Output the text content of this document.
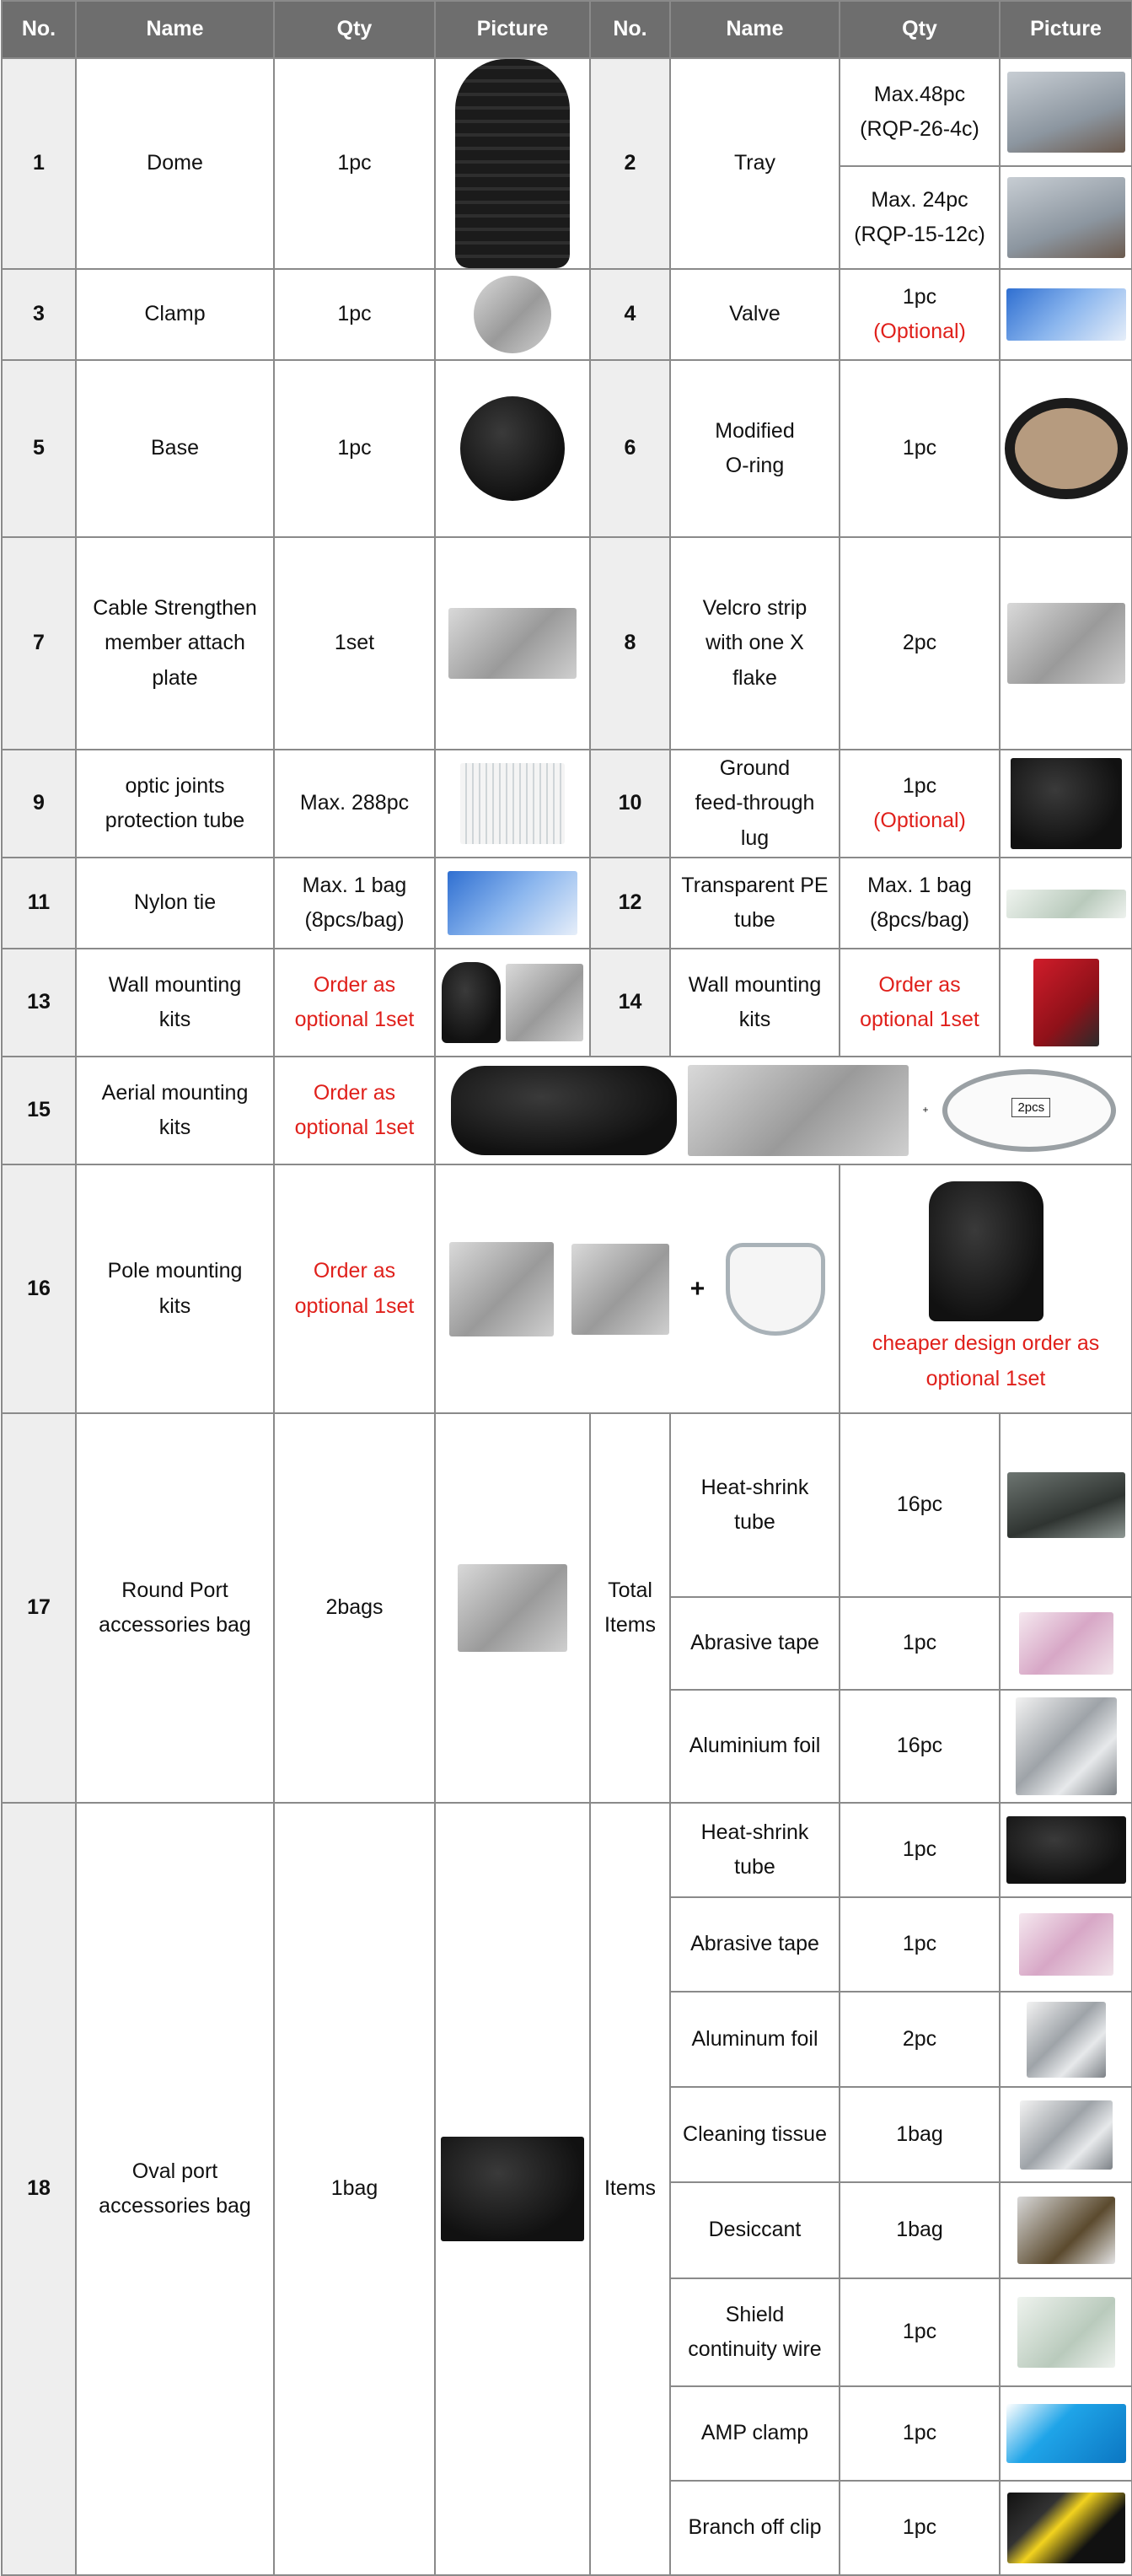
No.	Name	Qty	Picture	No.	Name	Qty	Picture
1	Dome	1pc		2	Tray	Max.48pc
(RQP-26-4c)	
						Max. 24pc
(RQP-15-12c)	
3	Clamp	1pc		4	Valve	1pc
(Optional)	
5	Base	1pc		6	Modified
O-ring	1pc	
7	Cable Strengthen
member attach
plate	1set		8	Velcro strip
with one X
flake	2pc	
9	optic joints
protection tube	Max. 288pc		10	Ground
feed-through
lug	1pc
(Optional)	
11	Nylon tie	Max. 1 bag
(8pcs/bag)		12	Transparent PE
tube	Max. 1 bag
(8pcs/bag)	
13	Wall mounting
kits	Order as
optional 1set		14	Wall mounting
kits	Order as
optional 1set	
15	Aerial mounting
kits	Order as
optional 1set	+ 2pcs				

16	Pole mounting
kits	Order as
optional 1set	+			cheaper design order as
optional 1set	

17	Round Port
accessories bag	2bags		Total
Items	Heat-shrink
tube	16pc	
					Abrasive tape	1pc	
					Aluminium foil	16pc	
18	Oval port
accessories bag	1bag		Items	Heat-shrink
tube	1pc	
					Abrasive tape	1pc	
					Aluminum foil	2pc	
					Cleaning tissue	1bag	
					Desiccant	1bag	
					Shield
continuity wire	1pc	
					AMP clamp	1pc	
					Branch off clip	1pc	
